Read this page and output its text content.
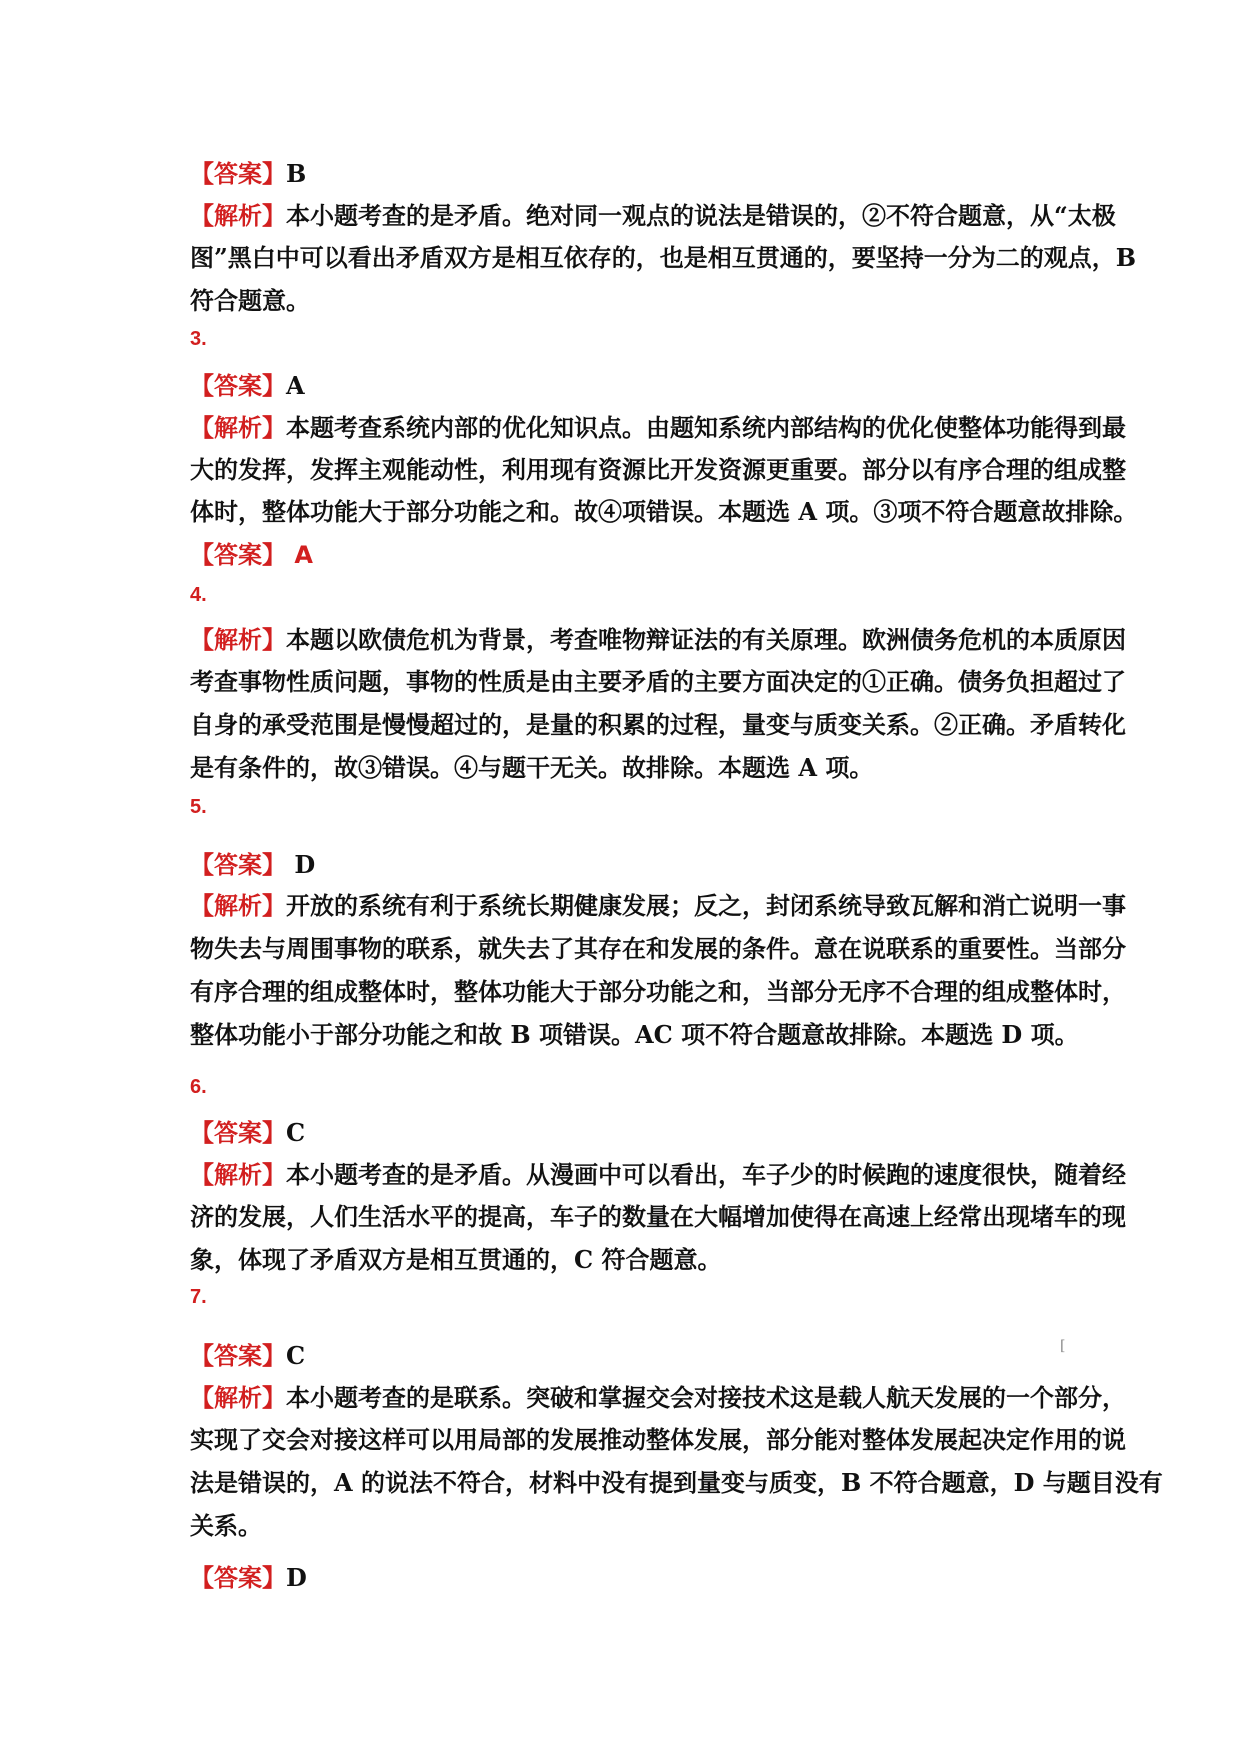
【答案】B
【解析】本小题考查的是矛盾。绝对同一观点的说法是错误的，②不符合题意，从“太极
图”黑白中可以看出矛盾双方是相互依存的，也是相互贯通的，要坚持一分为二的观点，B
符合题意。
3.
【答案】A
【解析】本题考查系统内部的优化知识点。由题知系统内部结构的优化使整体功能得到最
大的发挥，发挥主观能动性，利用现有资源比开发资源更重要。部分以有序合理的组成整
体时，整体功能大于部分功能之和。故④项错误。本题选 A 项。③项不符合题意故排除。
【答案】 A
4.
【解析】本题以欧债危机为背景，考查唯物辩证法的有关原理。欧洲债务危机的本质原因
考查事物性质问题，事物的性质是由主要矛盾的主要方面决定的①正确。债务负担超过了
自身的承受范围是慢慢超过的，是量的积累的过程，量变与质变关系。②正确。矛盾转化
是有条件的，故③错误。④与题干无关。故排除。本题选 A 项。
5.
【答案】 D
【解析】开放的系统有利于系统长期健康发展；反之，封闭系统导致瓦解和消亡说明一事
物失去与周围事物的联系，就失去了其存在和发展的条件。意在说联系的重要性。当部分
有序合理的组成整体时，整体功能大于部分功能之和，当部分无序不合理的组成整体时，
整体功能小于部分功能之和故 B 项错误。AC 项不符合题意故排除。本题选 D 项。
6.
【答案】C
【解析】本小题考查的是矛盾。从漫画中可以看出，车子少的时候跑的速度很快，随着经
济的发展，人们生活水平的提高，车子的数量在大幅增加使得在高速上经常出现堵车的现
象，体现了矛盾双方是相互贯通的，C 符合题意。
7.
【答案】C	[
【解析】本小题考查的是联系。突破和掌握交会对接技术这是载人航天发展的一个部分，
实现了交会对接这样可以用局部的发展推动整体发展，部分能对整体发展起决定作用的说
法是错误的，A 的说法不符合，材料中没有提到量变与质变，B 不符合题意，D 与题目没有
关系。
【答案】D
